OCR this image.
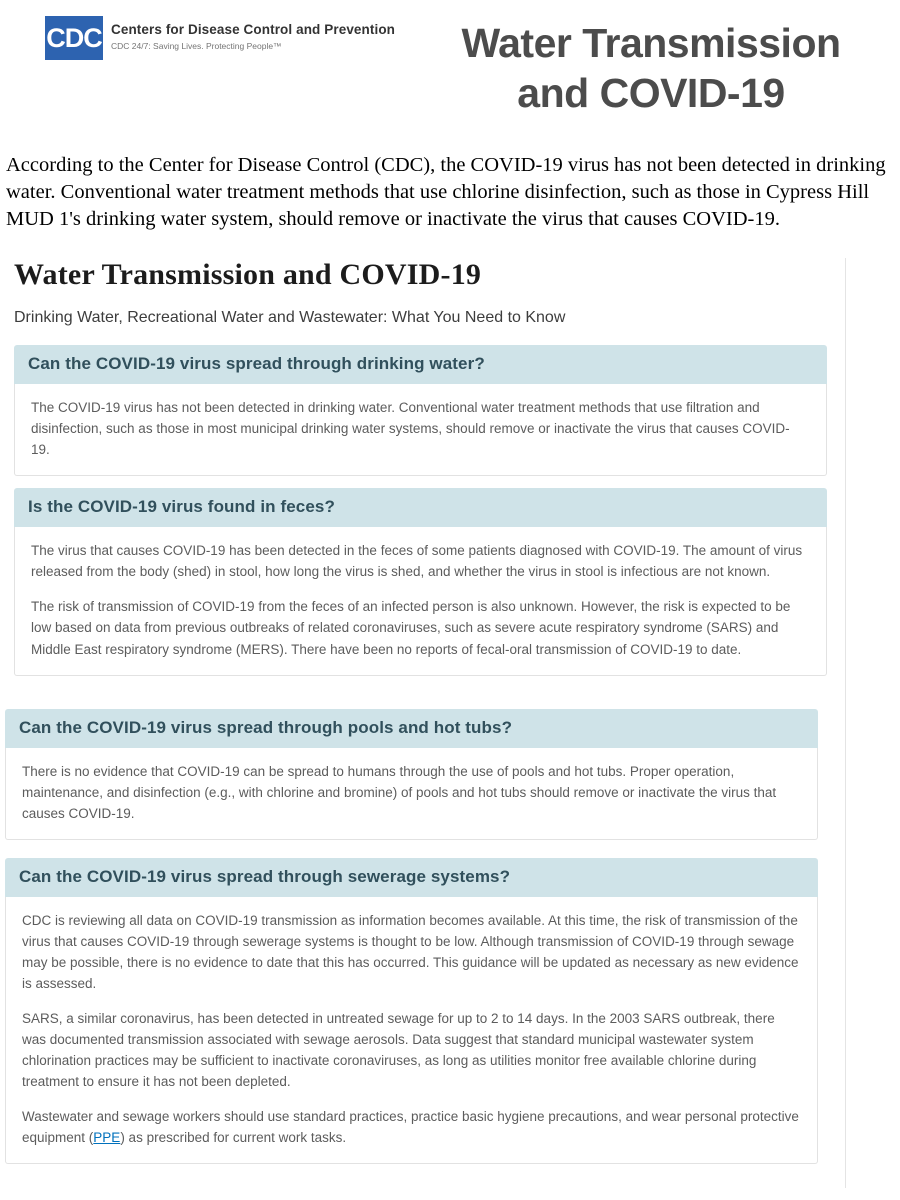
CDC Centers for Disease Control and Prevention
CDC 24/7: Saving Lives. Protecting People™	Water Transmission
and COVID-19

According to the Center for Disease Control (CDC), the COVID-19 virus has not been detected in drinking water. Conventional water treatment methods that use chlorine disinfection, such as those in Cypress Hill MUD 1's drinking water system, should remove or inactivate the virus that causes COVID-19.

Water Transmission and COVID-19

Drinking Water, Recreational Water and Wastewater: What You Need to Know

Can the COVID-19 virus spread through drinking water?

The COVID-19 virus has not been detected in drinking water. Conventional water treatment methods that use filtration and disinfection, such as those in most municipal drinking water systems, should remove or inactivate the virus that causes COVID-19.

Is the COVID-19 virus found in feces?

The virus that causes COVID-19 has been detected in the feces of some patients diagnosed with COVID-19. The amount of virus released from the body (shed) in stool, how long the virus is shed, and whether the virus in stool is infectious are not known.

The risk of transmission of COVID-19 from the feces of an infected person is also unknown. However, the risk is expected to be low based on data from previous outbreaks of related coronaviruses, such as severe acute respiratory syndrome (SARS) and Middle East respiratory syndrome (MERS). There have been no reports of fecal-oral transmission of COVID-19 to date.

Can the COVID-19 virus spread through pools and hot tubs?

There is no evidence that COVID-19 can be spread to humans through the use of pools and hot tubs. Proper operation, maintenance, and disinfection (e.g., with chlorine and bromine) of pools and hot tubs should remove or inactivate the virus that causes COVID-19.

Can the COVID-19 virus spread through sewerage systems?

CDC is reviewing all data on COVID-19 transmission as information becomes available. At this time, the risk of transmission of the virus that causes COVID-19 through sewerage systems is thought to be low. Although transmission of COVID-19 through sewage may be possible, there is no evidence to date that this has occurred. This guidance will be updated as necessary as new evidence is assessed.

SARS, a similar coronavirus, has been detected in untreated sewage for up to 2 to 14 days. In the 2003 SARS outbreak, there was documented transmission associated with sewage aerosols. Data suggest that standard municipal wastewater system chlorination practices may be sufficient to inactivate coronaviruses, as long as utilities monitor free available chlorine during treatment to ensure it has not been depleted.

Wastewater and sewage workers should use standard practices, practice basic hygiene precautions, and wear personal protective equipment (PPE) as prescribed for current work tasks.
